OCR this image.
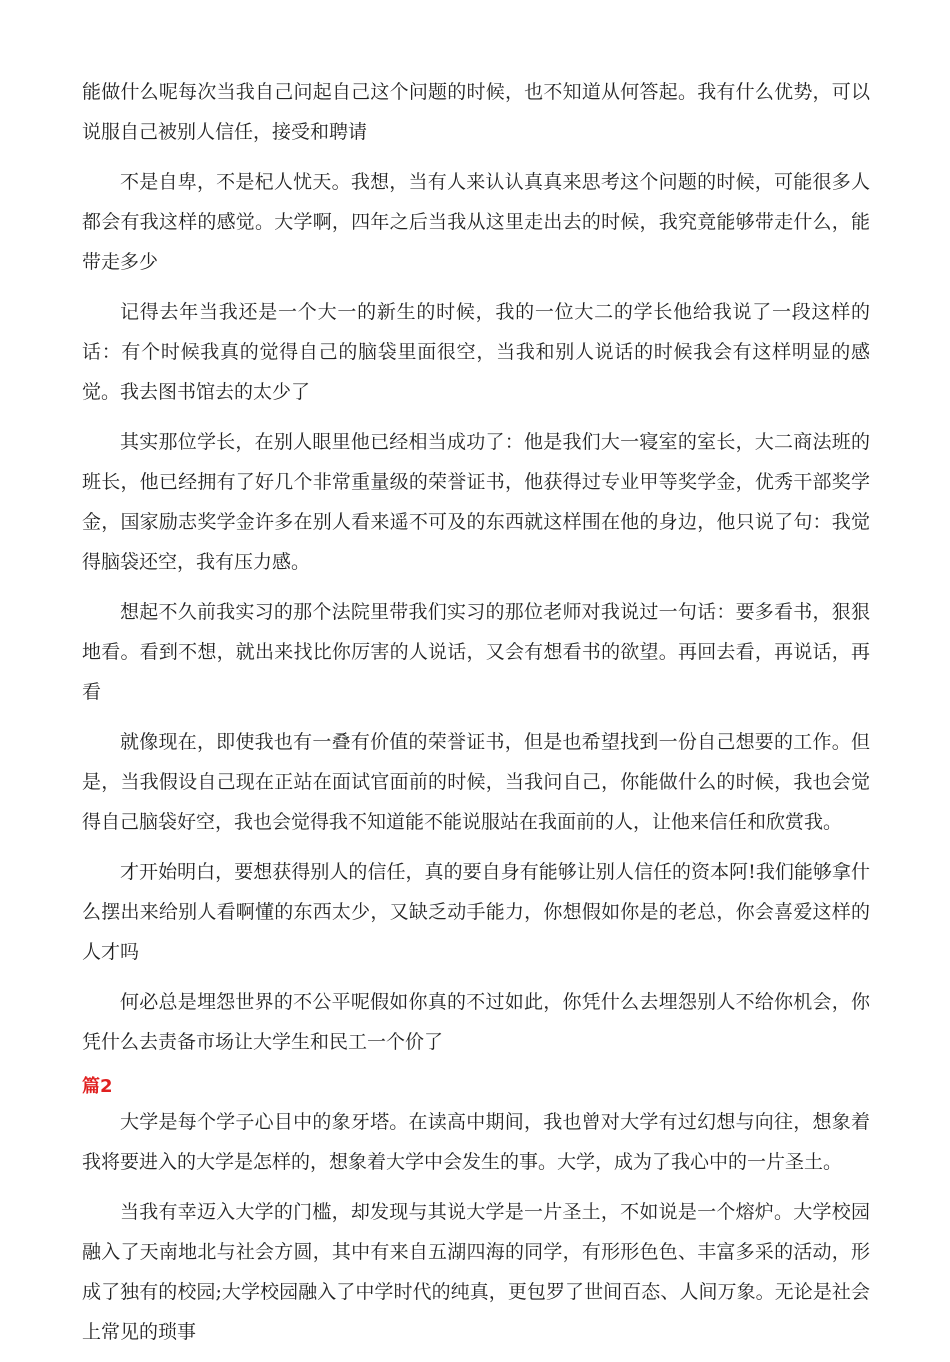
能做什么呢每次当我自己问起自己这个问题的时候，也不知道从何答起。我有什么优势，可以说服自己被别人信任，接受和聘请

不是自卑，不是杞人忧天。我想，当有人来认认真真来思考这个问题的时候，可能很多人都会有我这样的感觉。大学啊，四年之后当我从这里走出去的时候，我究竟能够带走什么，能带走多少

记得去年当我还是一个大一的新生的时候，我的一位大二的学长他给我说了一段这样的话：有个时候我真的觉得自己的脑袋里面很空，当我和别人说话的时候我会有这样明显的感觉。我去图书馆去的太少了

其实那位学长，在别人眼里他已经相当成功了：他是我们大一寝室的室长，大二商法班的班长，他已经拥有了好几个非常重量级的荣誉证书，他获得过专业甲等奖学金，优秀干部奖学金，国家励志奖学金许多在别人看来遥不可及的东西就这样围在他的身边，他只说了句：我觉得脑袋还空，我有压力感。

想起不久前我实习的那个法院里带我们实习的那位老师对我说过一句话：要多看书，狠狠地看。看到不想，就出来找比你厉害的人说话，又会有想看书的欲望。再回去看，再说话，再看

就像现在，即使我也有一叠有价值的荣誉证书，但是也希望找到一份自己想要的工作。但是，当我假设自己现在正站在面试官面前的时候，当我问自己，你能做什么的时候，我也会觉得自己脑袋好空，我也会觉得我不知道能不能说服站在我面前的人，让他来信任和欣赏我。

才开始明白，要想获得别人的信任，真的要自身有能够让别人信任的资本阿!我们能够拿什么摆出来给别人看啊懂的东西太少，又缺乏动手能力，你想假如你是的老总，你会喜爱这样的人才吗

何必总是埋怨世界的不公平呢假如你真的不过如此，你凭什么去埋怨别人不给你机会，你凭什么去责备市场让大学生和民工一个价了

篇2

大学是每个学子心目中的象牙塔。在读高中期间，我也曾对大学有过幻想与向往，想象着我将要进入的大学是怎样的，想象着大学中会发生的事。大学，成为了我心中的一片圣土。

当我有幸迈入大学的门槛，却发现与其说大学是一片圣土，不如说是一个熔炉。大学校园融入了天南地北与社会方圆，其中有来自五湖四海的同学，有形形色色、丰富多采的活动，形成了独有的校园;大学校园融入了中学时代的纯真，更包罗了世间百态、人间万象。无论是社会上常见的琐事
